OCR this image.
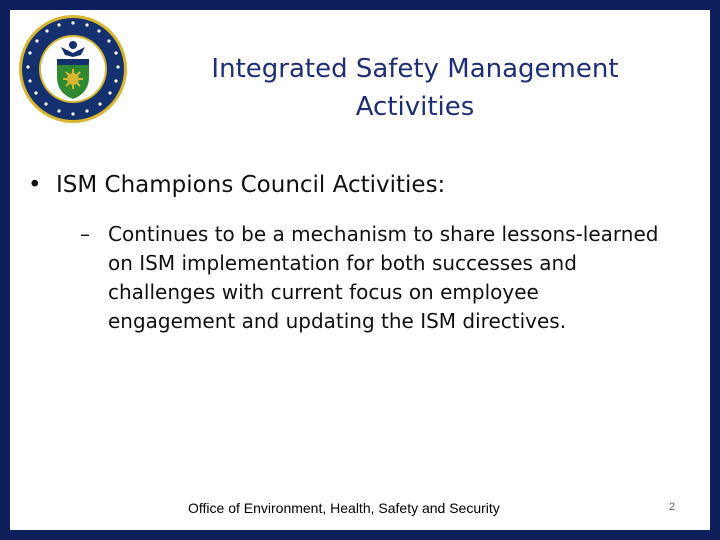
Integrated Safety Management
Activities
• ISM Champions Council Activities:
– Continues to be a mechanism to share lessons-learned on ISM implementation for both successes and challenges with current focus on employee engagement and updating the ISM directives.
Office of Environment, Health, Safety and Security	2
